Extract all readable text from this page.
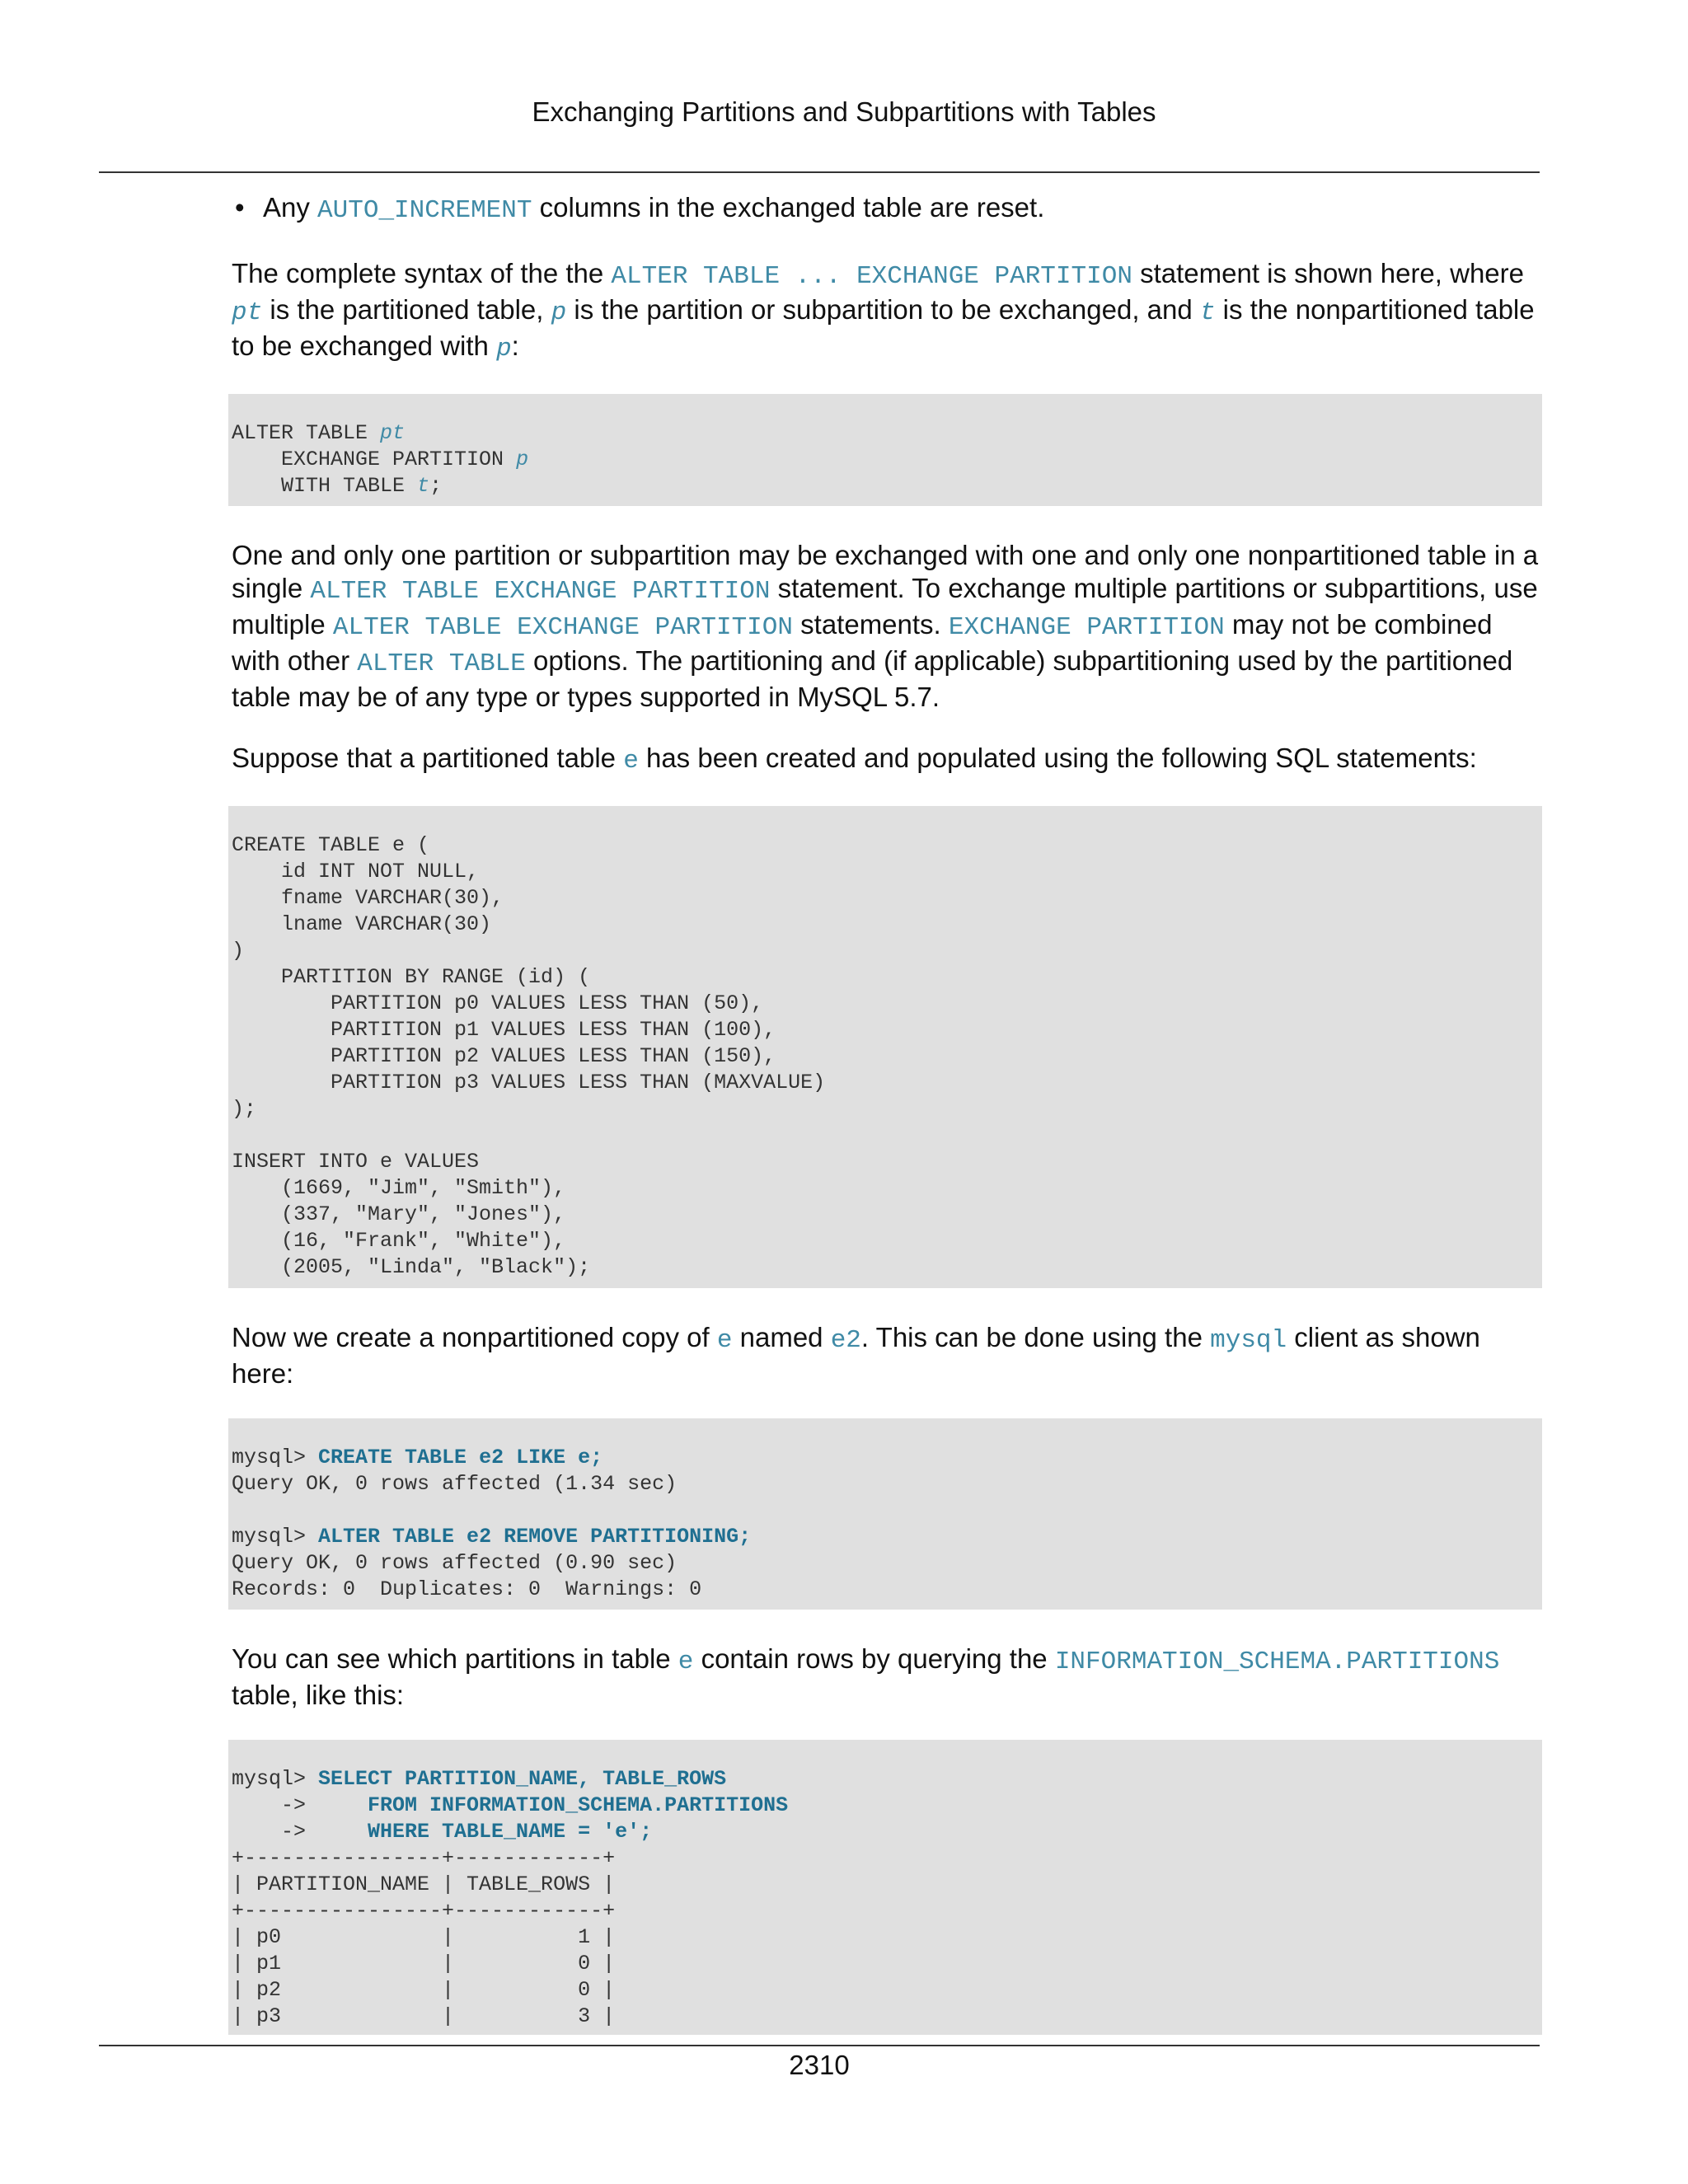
Exchanging Partitions and Subpartitions with Tables

• Any AUTO_INCREMENT columns in the exchanged table are reset.

The complete syntax of the the ALTER TABLE ... EXCHANGE PARTITION statement is shown here, where pt is the partitioned table, p is the partition or subpartition to be exchanged, and t is the nonpartitioned table to be exchanged with p:

ALTER TABLE pt
EXCHANGE PARTITION p
WITH TABLE t;

One and only one partition or subpartition may be exchanged with one and only one nonpartitioned table in a single ALTER TABLE EXCHANGE PARTITION statement. To exchange multiple partitions or subpartitions, use multiple ALTER TABLE EXCHANGE PARTITION statements. EXCHANGE PARTITION may not be combined with other ALTER TABLE options. The partitioning and (if applicable) subpartitioning used by the partitioned table may be of any type or types supported in MySQL 5.7.

Suppose that a partitioned table e has been created and populated using the following SQL statements:

CREATE TABLE e (
id INT NOT NULL,
fname VARCHAR(30),
lname VARCHAR(30)
)
PARTITION BY RANGE (id) (
PARTITION p0 VALUES LESS THAN (50),
PARTITION p1 VALUES LESS THAN (100),
PARTITION p2 VALUES LESS THAN (150),
PARTITION p3 VALUES LESS THAN (MAXVALUE)
);

INSERT INTO e VALUES
(1669, "Jim", "Smith"),
(337, "Mary", "Jones"),
(16, "Frank", "White"),
(2005, "Linda", "Black");

Now we create a nonpartitioned copy of e named e2. This can be done using the mysql client as shown here:

mysql> CREATE TABLE e2 LIKE e;
Query OK, 0 rows affected (1.34 sec)

mysql> ALTER TABLE e2 REMOVE PARTITIONING;
Query OK, 0 rows affected (0.90 sec)
Records: 0  Duplicates: 0  Warnings: 0

You can see which partitions in table e contain rows by querying the INFORMATION_SCHEMA.PARTITIONS table, like this:

mysql> SELECT PARTITION_NAME, TABLE_ROWS
->     FROM INFORMATION_SCHEMA.PARTITIONS
->     WHERE TABLE_NAME = 'e';
+----------------+------------+
| PARTITION_NAME | TABLE_ROWS |
+----------------+------------+
| p0             |          1 |
| p1             |          0 |
| p2             |          0 |
| p3             |          3 |
2310
